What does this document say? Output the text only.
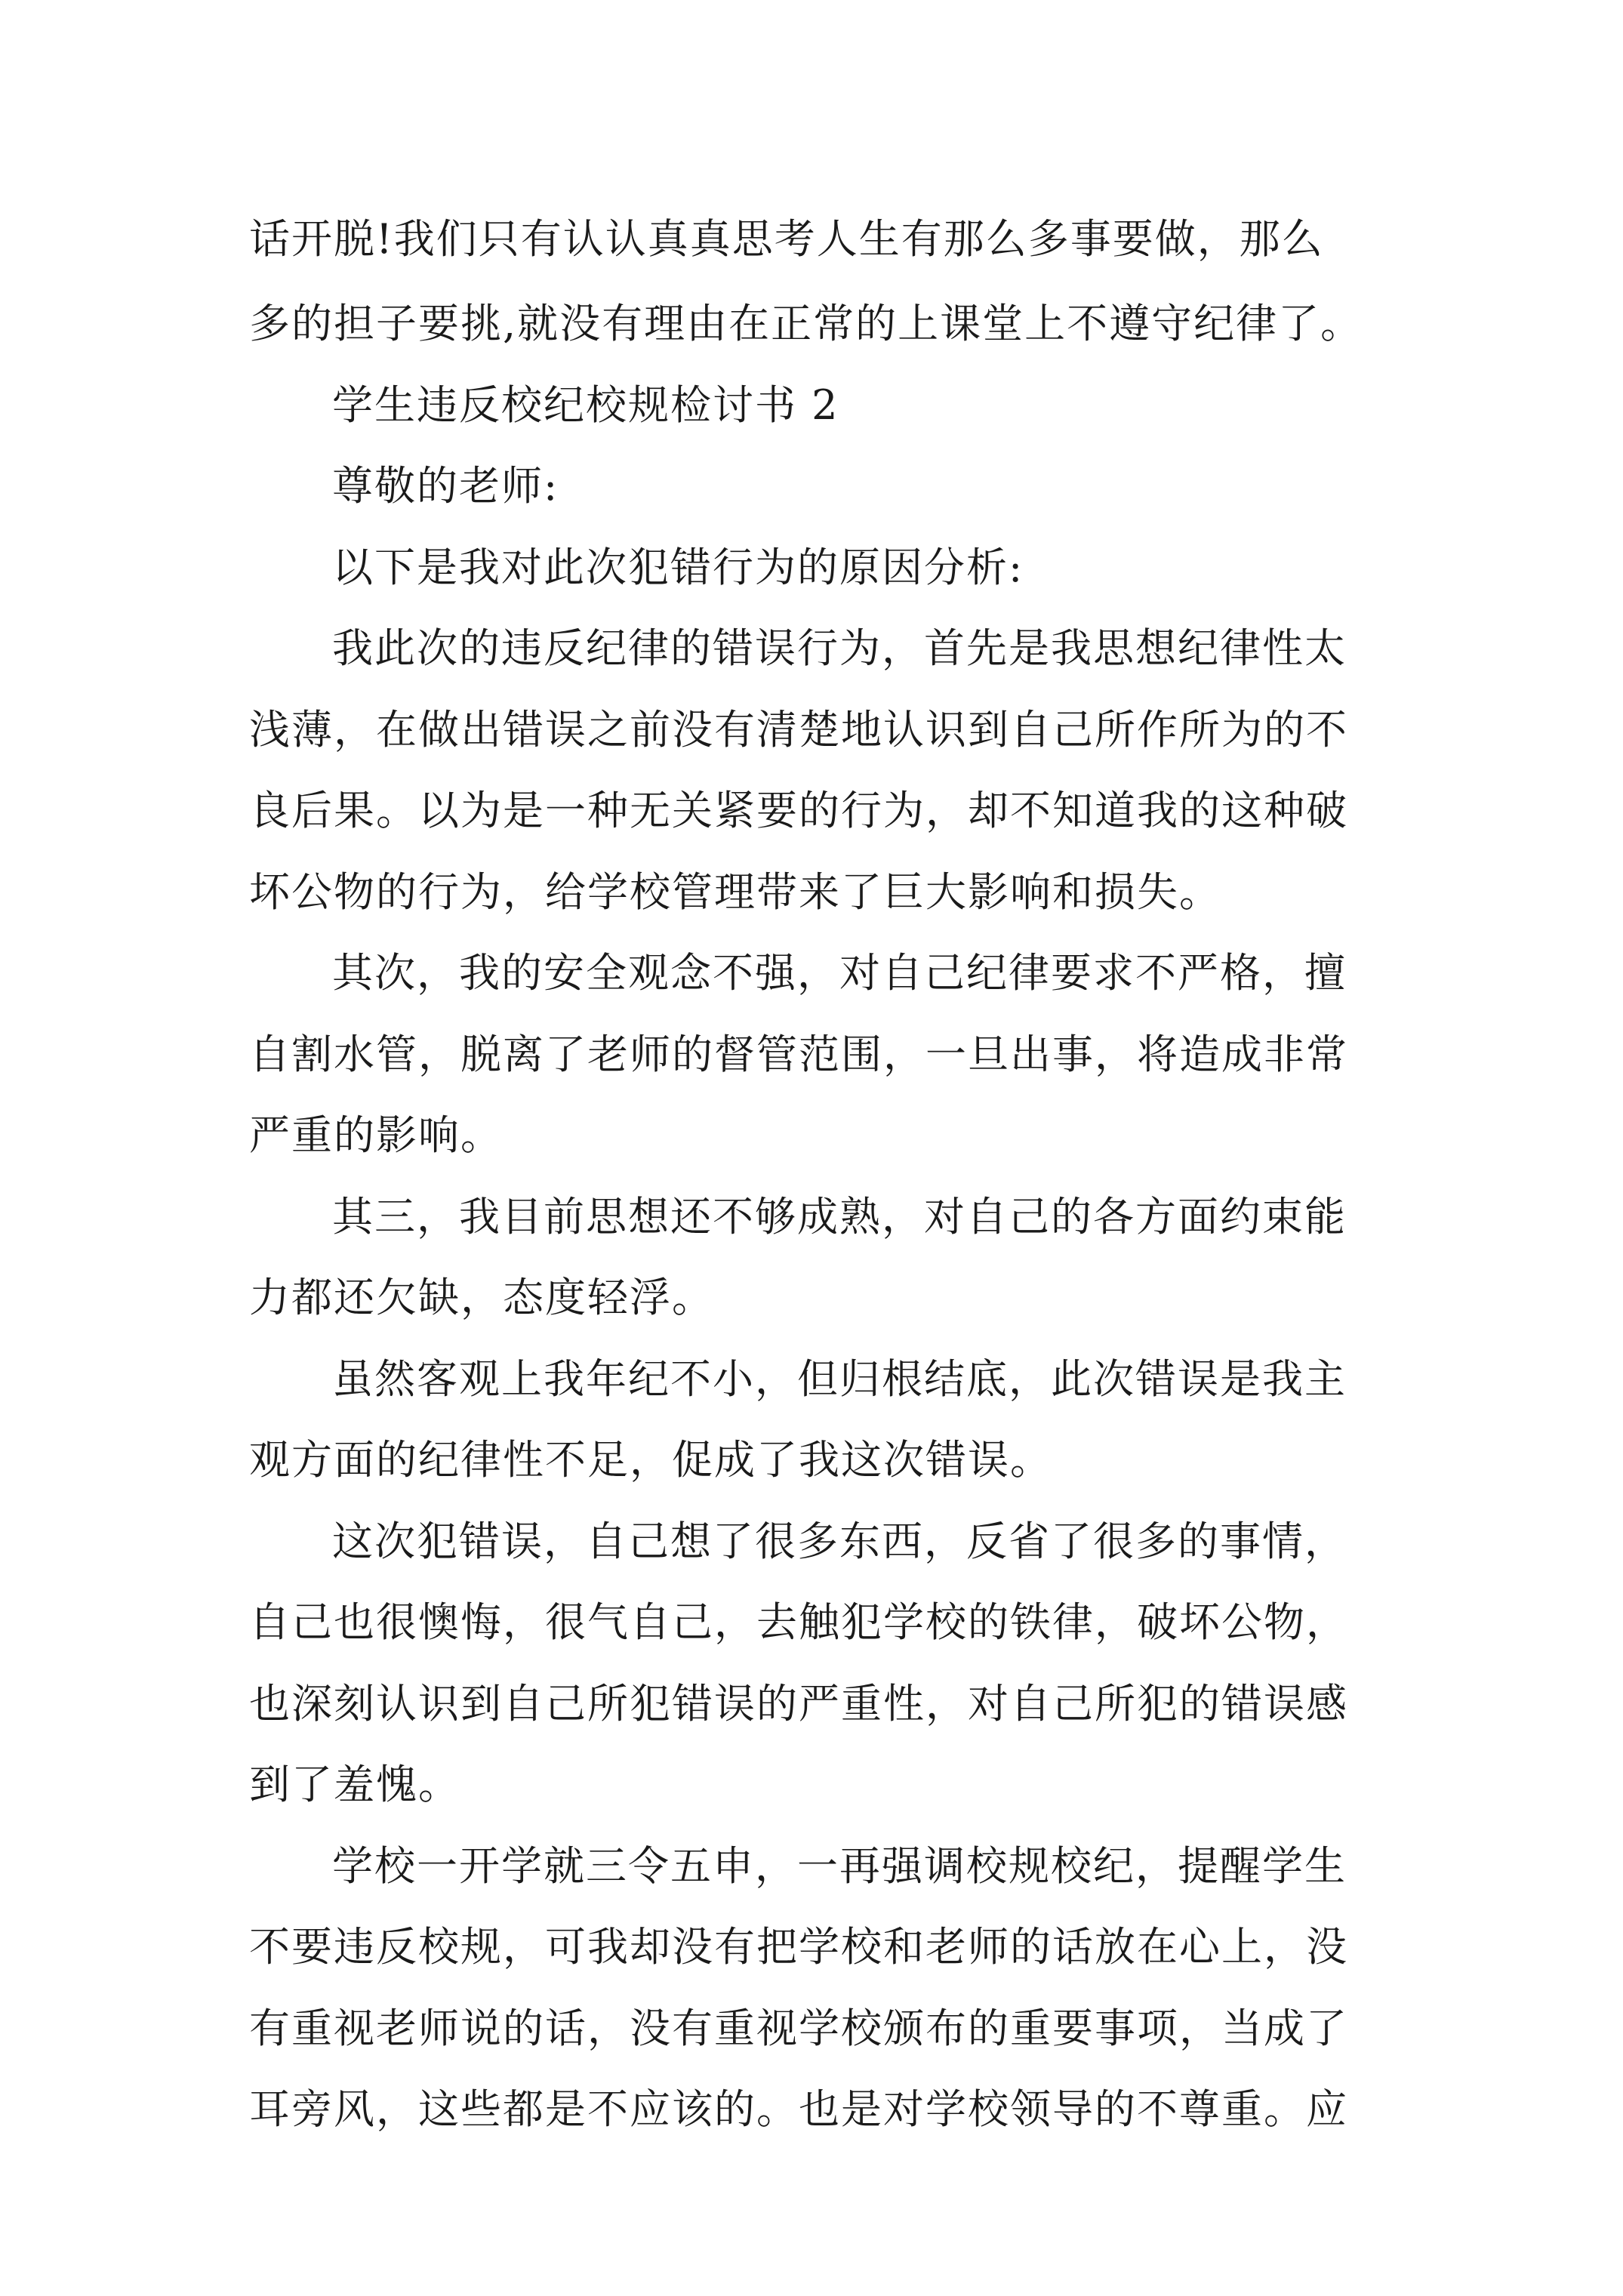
话开脱!我们只有认认真真思考人生有那么多事要做，那么

多的担子要挑,就没有理由在正常的上课堂上不遵守纪律了。

学生违反校纪校规检讨书 2

尊敬的老师:

以下是我对此次犯错行为的原因分析:

我此次的违反纪律的错误行为，首先是我思想纪律性太

浅薄，在做出错误之前没有清楚地认识到自己所作所为的不

良后果。以为是一种无关紧要的行为，却不知道我的这种破

坏公物的行为，给学校管理带来了巨大影响和损失。

其次，我的安全观念不强，对自己纪律要求不严格，擅

自割水管，脱离了老师的督管范围，一旦出事，将造成非常

严重的影响。

其三，我目前思想还不够成熟，对自己的各方面约束能

力都还欠缺，态度轻浮。

虽然客观上我年纪不小，但归根结底，此次错误是我主

观方面的纪律性不足，促成了我这次错误。

这次犯错误，自己想了很多东西，反省了很多的事情，

自己也很懊悔，很气自己，去触犯学校的铁律，破坏公物，

也深刻认识到自己所犯错误的严重性，对自己所犯的错误感

到了羞愧。

学校一开学就三令五申，一再强调校规校纪，提醒学生

不要违反校规，可我却没有把学校和老师的话放在心上，没

有重视老师说的话，没有重视学校颁布的重要事项，当成了

耳旁风，这些都是不应该的。也是对学校领导的不尊重。应
